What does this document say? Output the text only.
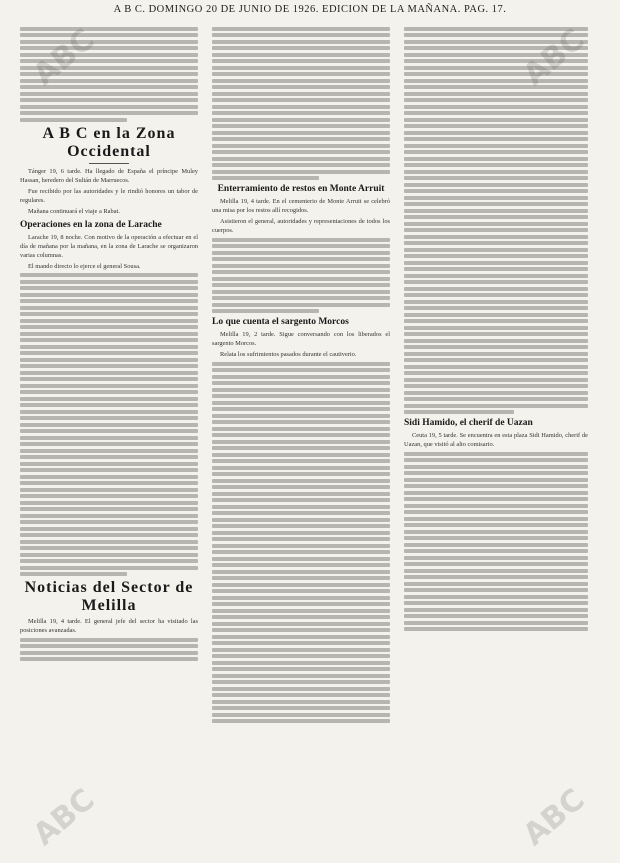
ABC	ABC
ABC	ABC
A B C. DOMINGO 20 DE JUNIO DE 1926. EDICION DE LA MAÑANA. PAG. 17.
A B C en la Zona Occidental

Tánger 19, 6 tarde. Ha llegado de España el príncipe Muley Hassan, heredero del Sultán de Marruecos.

Fue recibido por las autoridades y le rindió honores un tabor de regulares.

Mañana continuará el viaje a Rabat.

Operaciones en la zona de Larache

Larache 19, 8 noche. Con motivo de la operación a efectuar en el día de mañana por la mañana, en la zona de Larache se organizaron varias columnas.

El mando directo lo ejerce el general Sousa.

Noticias del Sector de Melilla

Melilla 19, 4 tarde. El general jefe del sector ha visitado las posiciones avanzadas.

Enterramiento de restos en Monte Arruit

Melilla 19, 4 tarde. En el cementerio de Monte Arruit se celebró una misa por los restos allí recogidos.

Asistieron el general, autoridades y representaciones de todos los cuerpos.

Lo que cuenta el sargento Morcos

Melilla 19, 2 tarde. Sigue conversando con los liberados el sargento Morcos.

Relata los sufrimientos pasados durante el cautiverio.

Sidi Hamido, el cherif de Uazan

Ceuta 19, 5 tarde. Se encuentra en esta plaza Sidi Hamido, cherif de Uazan, que visitó al alto comisario.
